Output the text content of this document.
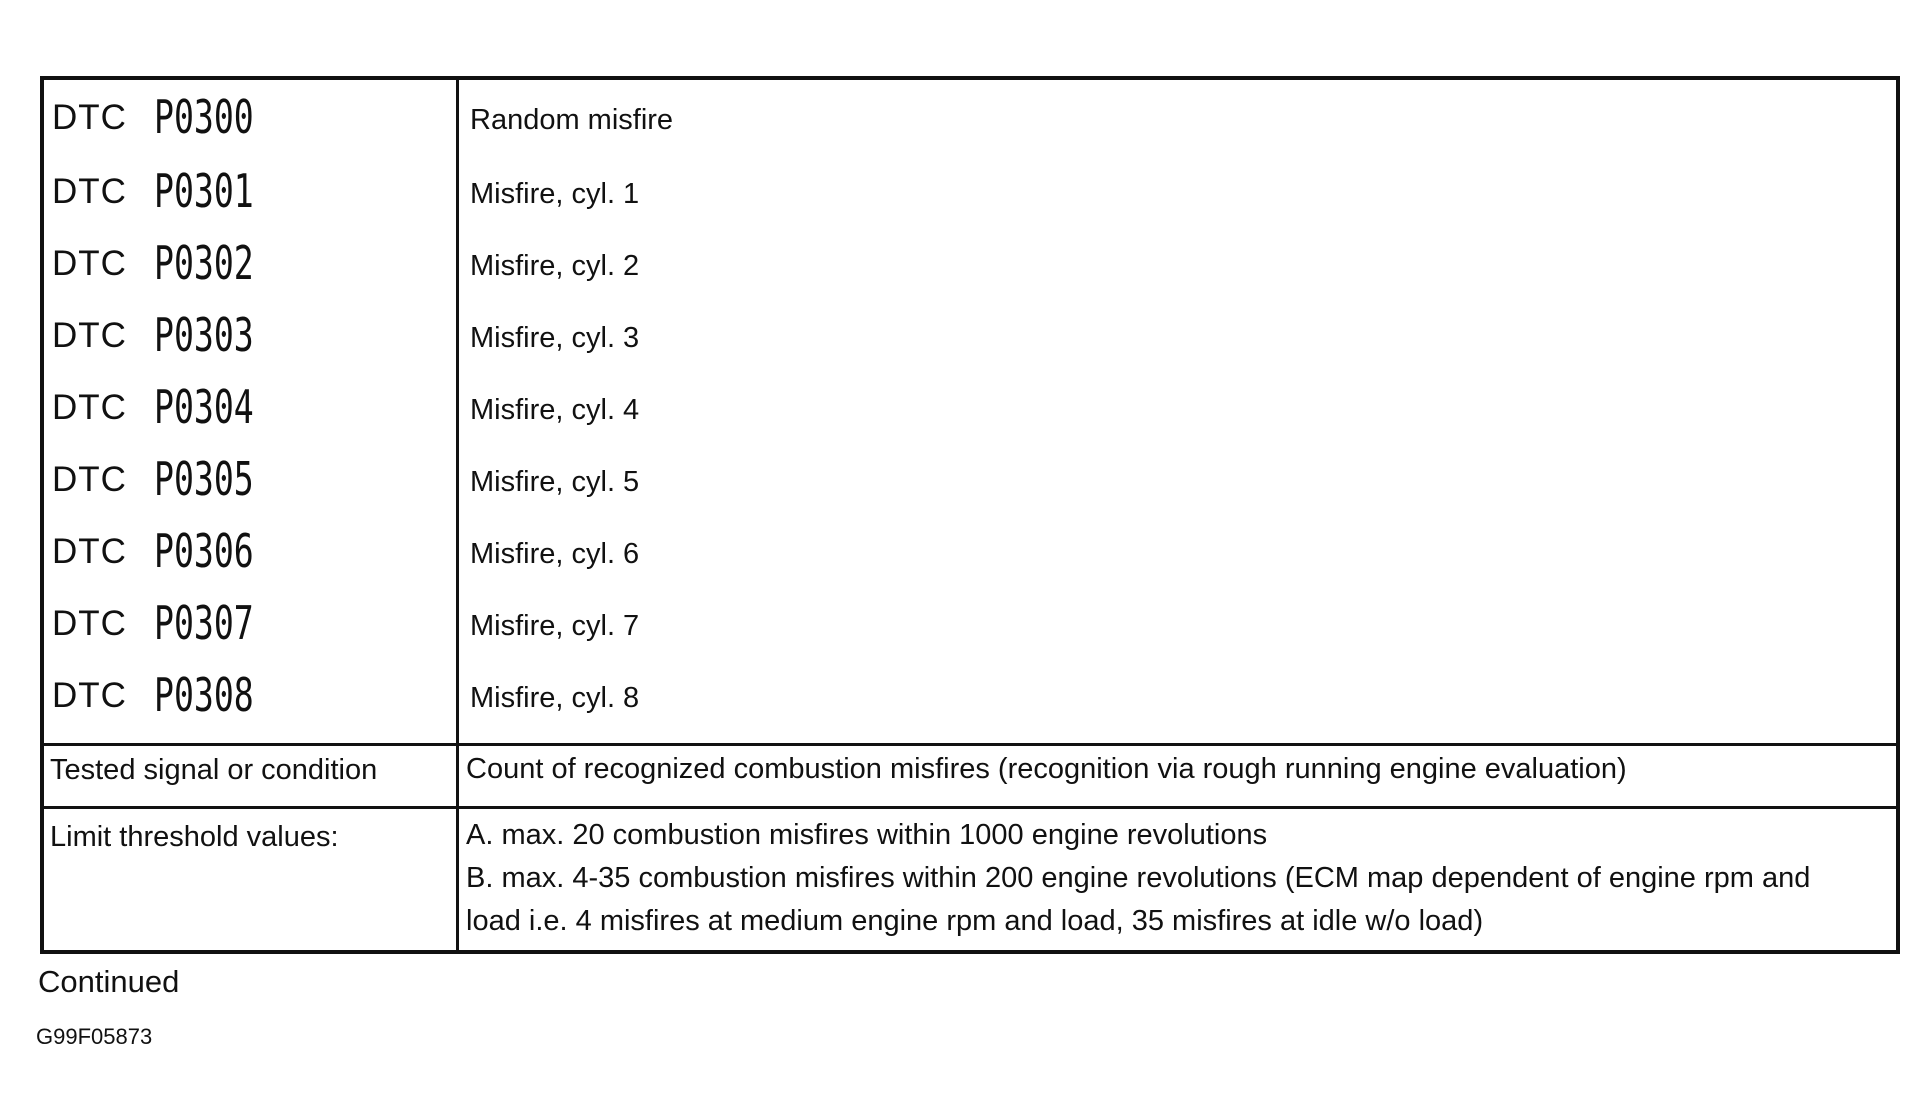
DTC P0300	Random misfire
DTC P0301	Misfire, cyl. 1
DTC P0302	Misfire, cyl. 2
DTC P0303	Misfire, cyl. 3
DTC P0304	Misfire, cyl. 4
DTC P0305	Misfire, cyl. 5
DTC P0306	Misfire, cyl. 6
DTC P0307	Misfire, cyl. 7
DTC P0308	Misfire, cyl. 8
Tested signal or condition	Count of recognized combustion misfires (recognition via rough running engine evaluation)
Limit threshold values:	A. max. 20 combustion misfires within 1000 engine revolutions
B. max. 4-35 combustion misfires within 200 engine revolutions (ECM map dependent of engine rpm and load i.e. 4 misfires at medium engine rpm and load, 35 misfires at idle w/o load)
Continued
G99F05873
